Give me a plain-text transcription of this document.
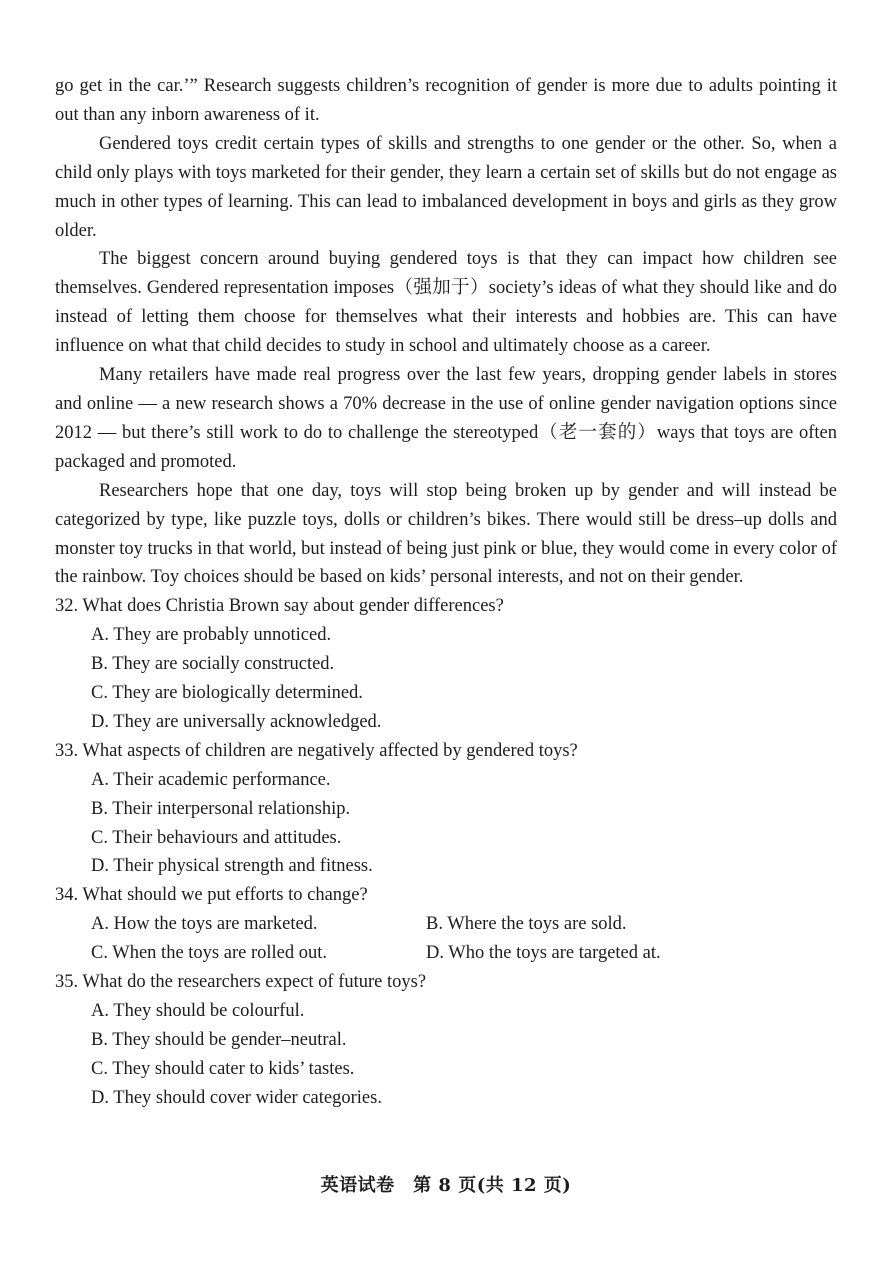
go get in the car.’” Research suggests children’s recognition of gender is more due to adults pointing it out than any inborn awareness of it.

Gendered toys credit certain types of skills and strengths to one gender or the other. So, when a child only plays with toys marketed for their gender, they learn a certain set of skills but do not engage as much in other types of learning. This can lead to imbalanced development in boys and girls as they grow older.

The biggest concern around buying gendered toys is that they can impact how children see themselves. Gendered representation imposes（强加于）society’s ideas of what they should like and do instead of letting them choose for themselves what their interests and hobbies are. This can have influence on what that child decides to study in school and ultimately choose as a career.

Many retailers have made real progress over the last few years, dropping gender labels in stores and online — a new research shows a 70% decrease in the use of online gender navigation options since 2012 — but there’s still work to do to challenge the stereotyped（老一套的）ways that toys are often packaged and promoted.

Researchers hope that one day, toys will stop being broken up by gender and will instead be categorized by type, like puzzle toys, dolls or children’s bikes. There would still be dress–up dolls and monster toy trucks in that world, but instead of being just pink or blue, they would come in every color of the rainbow. Toy choices should be based on kids’ personal interests, and not on their gender.

32. What does Christia Brown say about gender differences?

A. They are probably unnoticed.

B. They are socially constructed.

C. They are biologically determined.

D. They are universally acknowledged.

33. What aspects of children are negatively affected by gendered toys?

A. Their academic performance.

B. Their interpersonal relationship.

C. Their behaviours and attitudes.

D. Their physical strength and fitness.

34. What should we put efforts to change?

A. How the toys are marketed.	B. Where the toys are sold.
C. When the toys are rolled out.	D. Who the toys are targeted at.

35. What do the researchers expect of future toys?

A. They should be colourful.

B. They should be gender–neutral.

C. They should cater to kids’ tastes.

D. They should cover wider categories.

英语试卷　第 8 页(共 12 页)
